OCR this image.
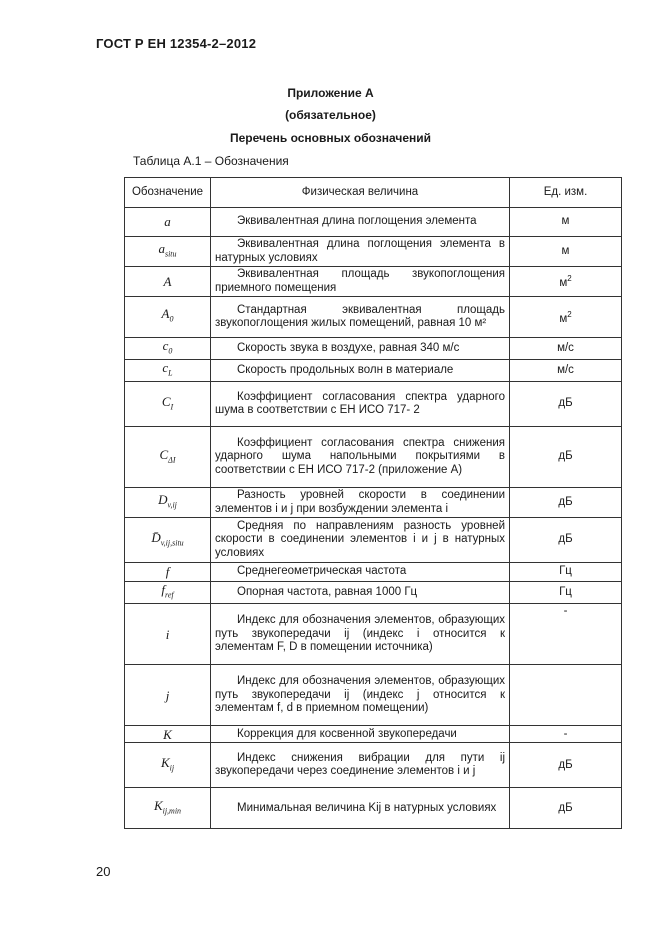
ГОСТ Р ЕН 12354-2–2012
Приложение А
(обязательное)
Перечень основных обозначений
Таблица А.1 – Обозначения
Обозначение	Физическая величина	Ед. изм.
a	Эквивалентная длина поглощения элемента	м
$a_{situ}$	Эквивалентная длина поглощения элемента в натурных условиях	м
A	Эквивалентная площадь звукопоглощения приемного помещения	$м^2$
$A_0$	Стандартная эквивалентная площадь звукопоглощения жилых помещений, равная 10 м²	$м^2$
$c_0$	Скорость звука в воздухе, равная 340 м/с	м/с
$c_L$	Скорость продольных волн в материале	м/с
$C_I$	Коэффициент согласования спектра ударного шума в соответствии с ЕН ИСО 717- 2	дБ
$C_{\Delta I}$	Коэффициент согласования спектра снижения ударного шума напольными покрытиями в соответствии с ЕН ИСО 717-2 (приложение А)	дБ
$D_{v,ij}$	Разность уровней скорости в соединении элементов i и j при возбуждении элемента i	дБ
$D̄_{v,ij,situ}$	Средняя по направлениям разность уровней скорости в соединении элементов i и j в натурных условиях	дБ
f	Среднегеометрическая частота	Гц
$f_{ref}$	Опорная частота, равная 1000 Гц	Гц
i	Индекс для обозначения элементов, образующих путь звукопередачи ij (индекс i относится к элементам F, D в помещении источника)	-
j	Индекс для обозначения элементов, образующих путь звукопередачи ij (индекс j относится к элементам f, d в приемном помещении)	

K	Коррекция для косвенной звукопередачи	-
$K_{ij}$	Индекс снижения вибрации для пути ij звукопередачи через соединение элементов i и j	дБ
$K_{ij,min}$	Минимальная величина Kij в натурных условиях	дБ
20
